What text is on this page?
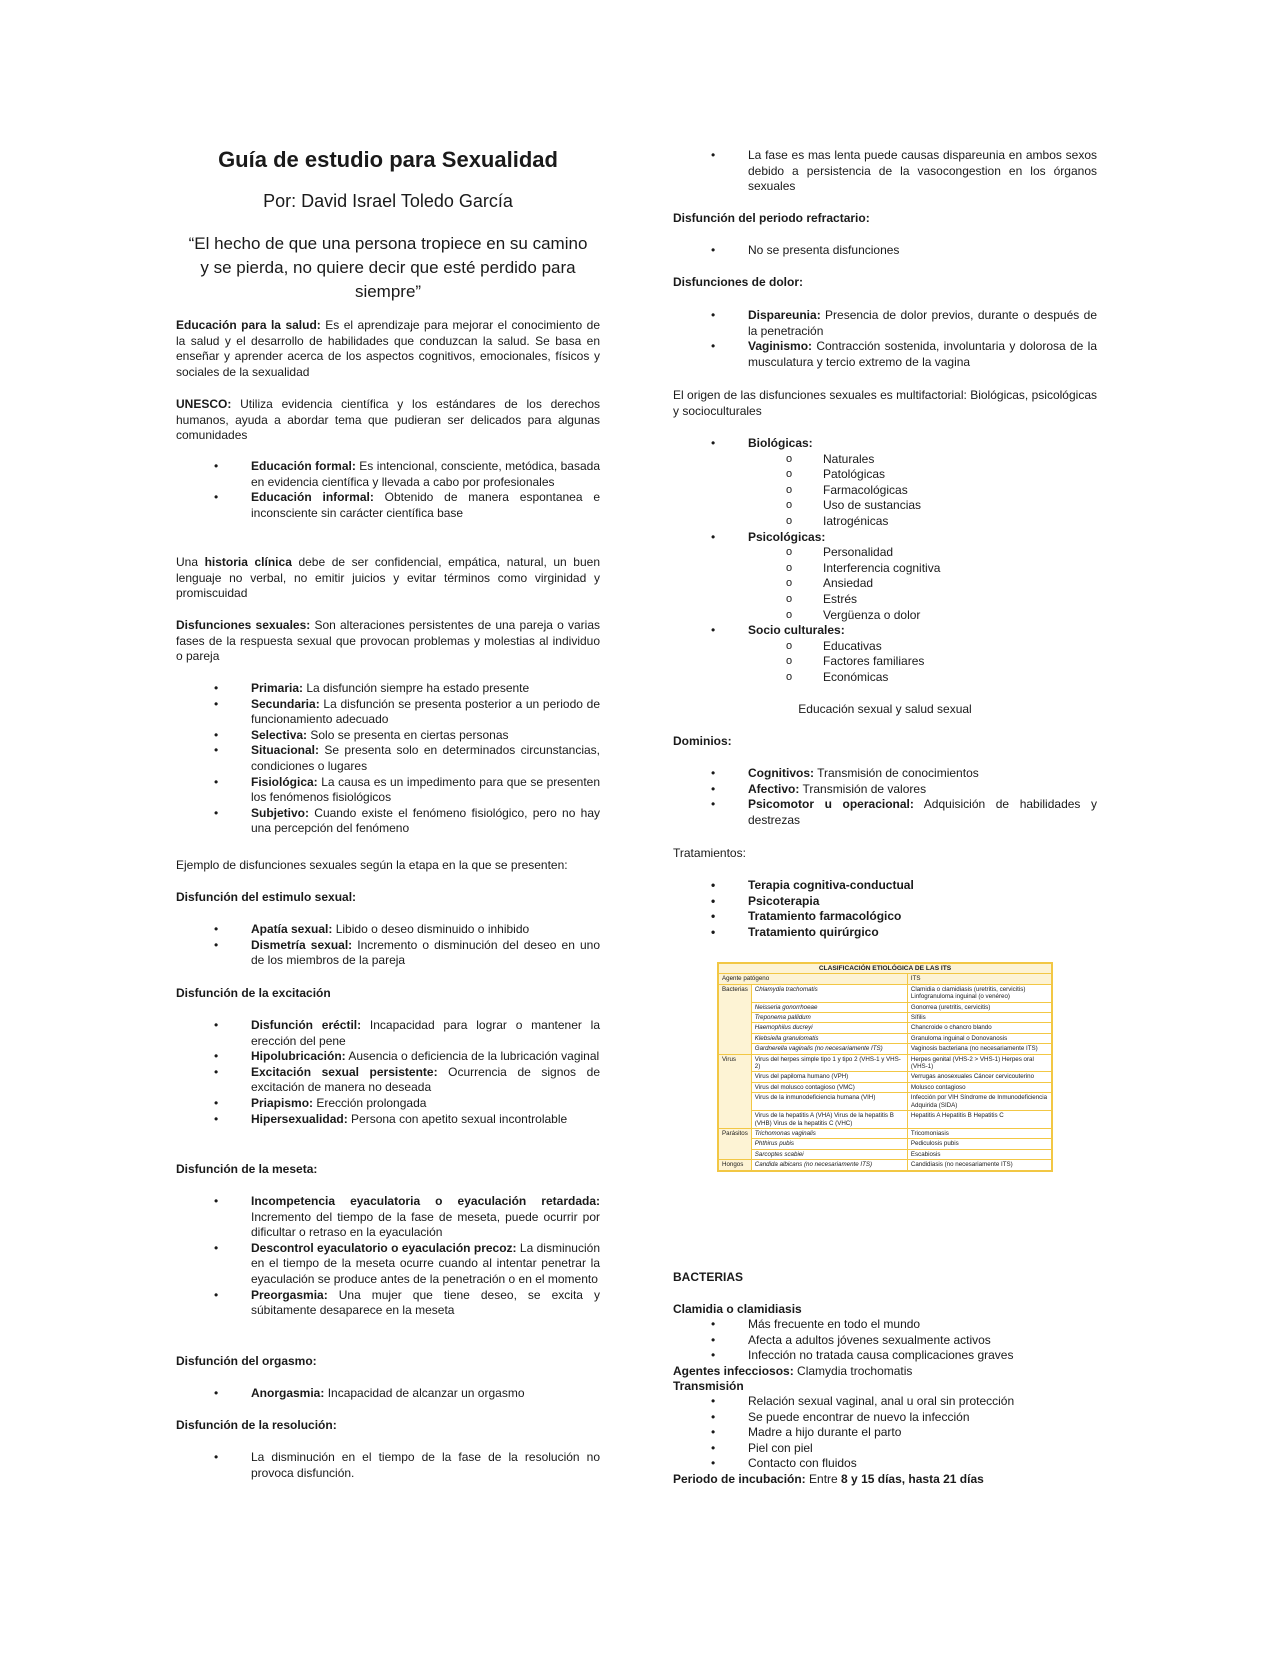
Guía de estudio para Sexualidad

Por: David Israel Toledo García

“El hecho de que una persona tropiece en su camino y se pierda, no quiere decir que esté perdido para siempre”

Educación para la salud: Es el aprendizaje para mejorar el conocimiento de la salud y el desarrollo de habilidades que conduzcan la salud. Se basa en enseñar y aprender acerca de los aspectos cognitivos, emocionales, físicos y sociales de la sexualidad

UNESCO: Utiliza evidencia científica y los estándares de los derechos humanos, ayuda a abordar tema que pudieran ser delicados para algunas comunidades

• Educación formal: Es intencional, consciente, metódica, basada en evidencia científica y llevada a cabo por profesionales
• Educación informal: Obtenido de manera espontanea e inconsciente sin carácter científica base

Una historia clínica debe de ser confidencial, empática, natural, un buen lenguaje no verbal, no emitir juicios y evitar términos como virginidad y promiscuidad

Disfunciones sexuales: Son alteraciones persistentes de una pareja o varias fases de la respuesta sexual que provocan problemas y molestias al individuo o pareja

• Primaria: La disfunción siempre ha estado presente
• Secundaria: La disfunción se presenta posterior a un periodo de funcionamiento adecuado
• Selectiva: Solo se presenta en ciertas personas
• Situacional: Se presenta solo en determinados circunstancias, condiciones o lugares
• Fisiológica: La causa es un impedimento para que se presenten los fenómenos fisiológicos
• Subjetivo: Cuando existe el fenómeno fisiológico, pero no hay una percepción del fenómeno

Ejemplo de disfunciones sexuales según la etapa en la que se presenten:

Disfunción del estimulo sexual:

• Apatía sexual: Libido o deseo disminuido o inhibido
• Dismetría sexual: Incremento o disminución del deseo en uno de los miembros de la pareja

Disfunción de la excitación

• Disfunción eréctil: Incapacidad para lograr o mantener la erección del pene
• Hipolubricación: Ausencia o deficiencia de la lubricación vaginal
• Excitación sexual persistente: Ocurrencia de signos de excitación de manera no deseada
• Priapismo: Erección prolongada
• Hipersexualidad: Persona con apetito sexual incontrolable

Disfunción de la meseta:

• Incompetencia eyaculatoria o eyaculación retardada: Incremento del tiempo de la fase de meseta, puede ocurrir por dificultar o retraso en la eyaculación
• Descontrol eyaculatorio o eyaculación precoz: La disminución en el tiempo de la meseta ocurre cuando al intentar penetrar la eyaculación se produce antes de la penetración o en el momento
• Preorgasmia: Una mujer que tiene deseo, se excita y súbitamente desaparece en la meseta

Disfunción del orgasmo:

• Anorgasmia: Incapacidad de alcanzar un orgasmo

Disfunción de la resolución:

• La disminución en el tiempo de la fase de la resolución no provoca disfunción.
• La fase es mas lenta puede causas dispareunia en ambos sexos debido a persistencia de la vasocongestion en los órganos sexuales

Disfunción del periodo refractario:

• No se presenta disfunciones

Disfunciones de dolor:

• Dispareunia: Presencia de dolor previos, durante o después de la penetración
• Vaginismo: Contracción sostenida, involuntaria y dolorosa de la musculatura y tercio extremo de la vagina

El origen de las disfunciones sexuales es multifactorial: Biológicas, psicológicas y socioculturales

• Biológicas:
o Naturales
o Patológicas
o Farmacológicas
o Uso de sustancias
o Iatrogénicas
• Psicológicas:
o Personalidad
o Interferencia cognitiva
o Ansiedad
o Estrés
o Vergüenza o dolor
• Socio culturales:
o Educativas
o Factores familiares
o Económicas

Educación sexual y salud sexual

Dominios:

• Cognitivos: Transmisión de conocimientos
• Afectivo: Transmisión de valores
• Psicomotor u operacional: Adquisición de habilidades y destrezas

Tratamientos:

• Terapia cognitiva-conductual
• Psicoterapia
• Tratamiento farmacológico
• Tratamiento quirúrgico
CLASIFICACIÓN ETIOLÓGICA DE LAS ITS		
Agente patógeno		ITS
Bacterias	Chlamydia trachomatis	Clamidia o clamidiasis (uretritis, cervicitis) Linfogranuloma inguinal (o venéreo)
	Neisseria gonorrhoeae	Gonorrea (uretritis, cervicitis)
	Treponema pallidum	Sífilis
	Haemophilus ducreyi	Chancroide o chancro blando
	Klebsiella granulomatis	Granuloma inguinal o Donovanosis
	Gardnerella vaginalis (no necesariamente ITS)	Vaginosis bacteriana (no necesariamente ITS)
Virus	Virus del herpes simple tipo 1 y tipo 2 (VHS-1 y VHS-2)	Herpes genital (VHS-2 > VHS-1) Herpes oral (VHS-1)
	Virus del papiloma humano (VPH)	Verrugas anosexuales Cáncer cervicouterino
	Virus del molusco contagioso (VMC)	Molusco contagioso
	Virus de la inmunodeficiencia humana (VIH)	Infección por VIH Síndrome de Inmunodeficiencia Adquirida (SIDA)
	Virus de la hepatitis A (VHA) Virus de la hepatitis B (VHB) Virus de la hepatitis C (VHC)	Hepatitis A Hepatitis B Hepatitis C
Parásitos	Trichomonas vaginalis	Tricomoniasis
	Phthirus pubis	Pediculosis pubis
	Sarcoptes scabiei	Escabiosis
Hongos	Candida albicans (no necesariamente ITS)	Candidiasis (no necesariamente ITS)

BACTERIAS

Clamidia o clamidiasis

• Más frecuente en todo el mundo
• Afecta a adultos jóvenes sexualmente activos
• Infección no tratada causa complicaciones graves

Agentes infecciosos: Clamydia trochomatis

Transmisión

• Relación sexual vaginal, anal u oral sin protección
• Se puede encontrar de nuevo la infección
• Madre a hijo durante el parto
• Piel con piel
• Contacto con fluidos

Periodo de incubación: Entre 8 y 15 días, hasta 21 días
